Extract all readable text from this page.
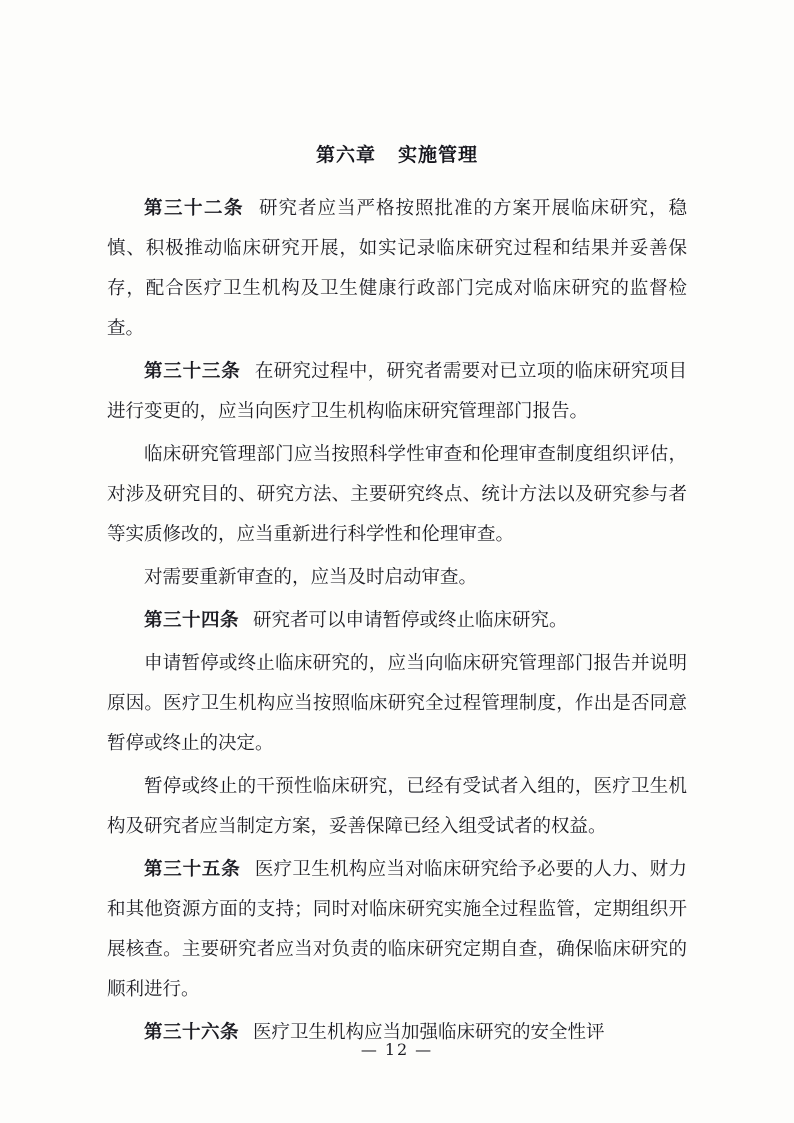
第六章 实施管理

第三十二条 研究者应当严格按照批准的方案开展临床研究，稳慎、积极推动临床研究开展，如实记录临床研究过程和结果并妥善保存，配合医疗卫生机构及卫生健康行政部门完成对临床研究的监督检查。

第三十三条 在研究过程中，研究者需要对已立项的临床研究项目进行变更的，应当向医疗卫生机构临床研究管理部门报告。

临床研究管理部门应当按照科学性审查和伦理审查制度组织评估，对涉及研究目的、研究方法、主要研究终点、统计方法以及研究参与者等实质修改的，应当重新进行科学性和伦理审查。

对需要重新审查的，应当及时启动审查。

第三十四条 研究者可以申请暂停或终止临床研究。

申请暂停或终止临床研究的，应当向临床研究管理部门报告并说明原因。医疗卫生机构应当按照临床研究全过程管理制度，作出是否同意暂停或终止的决定。

暂停或终止的干预性临床研究，已经有受试者入组的，医疗卫生机构及研究者应当制定方案，妥善保障已经入组受试者的权益。

第三十五条 医疗卫生机构应当对临床研究给予必要的人力、财力和其他资源方面的支持；同时对临床研究实施全过程监管，定期组织开展核查。主要研究者应当对负责的临床研究定期自查，确保临床研究的顺利进行。

第三十六条 医疗卫生机构应当加强临床研究的安全性评

— 12 —
